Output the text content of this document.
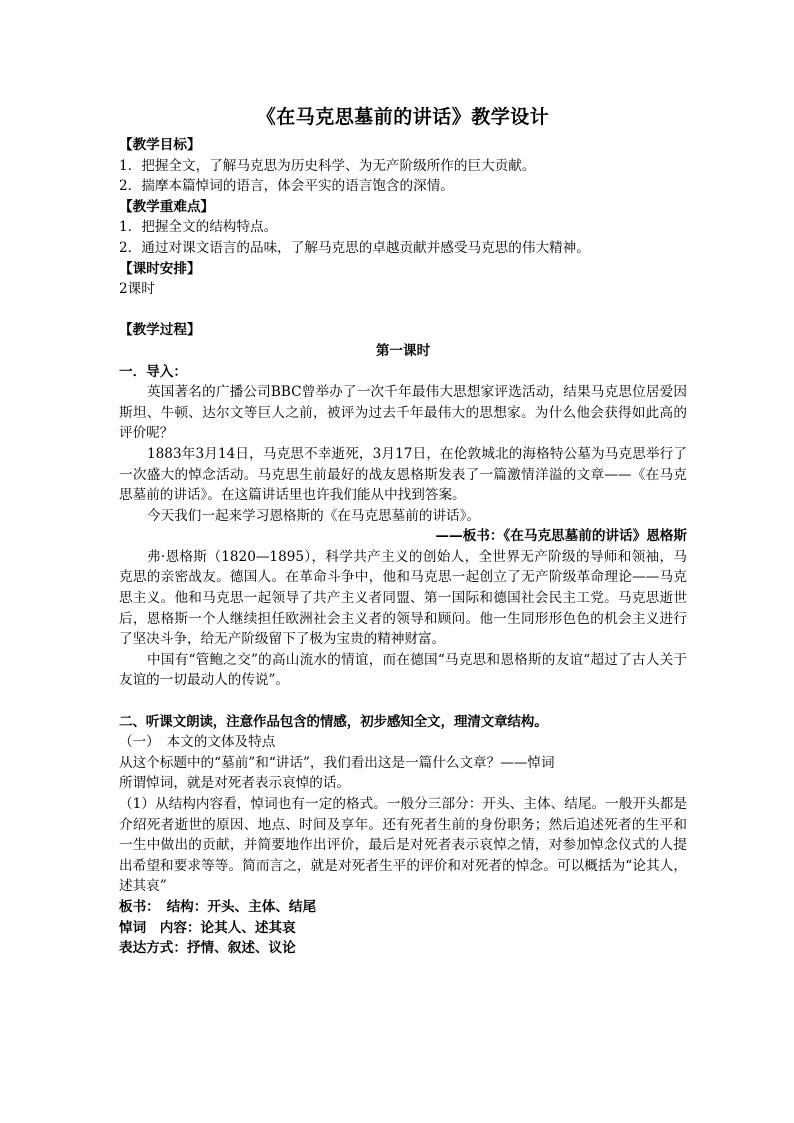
《在马克思墓前的讲话》教学设计

【教学目标】

1．把握全文，了解马克思为历史科学、为无产阶级所作的巨大贡献。

2．揣摩本篇悼词的语言，体会平实的语言饱含的深情。

【教学重难点】

1．把握全文的结构特点。

2．通过对课文语言的品味，了解马克思的卓越贡献并感受马克思的伟大精神。

【课时安排】

2课时

【教学过程】

第一课时

一．导入：

英国著名的广播公司BBC曾举办了一次千年最伟大思想家评选活动，结果马克思位居爱因斯坦、牛顿、达尔文等巨人之前，被评为过去千年最伟大的思想家。为什么他会获得如此高的评价呢？

1883年3月14日，马克思不幸逝死，3月17日，在伦敦城北的海格特公墓为马克思举行了一次盛大的悼念活动。马克思生前最好的战友恩格斯发表了一篇激情洋溢的文章——《在马克思墓前的讲话》。在这篇讲话里也许我们能从中找到答案。

今天我们一起来学习恩格斯的《在马克思墓前的讲话》。

——板书：《在马克思墓前的讲话》恩格斯

弗·恩格斯（1820—1895），科学共产主义的创始人，全世界无产阶级的导师和领袖，马克思的亲密战友。德国人。在革命斗争中，他和马克思一起创立了无产阶级革命理论——马克思主义。他和马克思一起领导了共产主义者同盟、第一国际和德国社会民主工党。马克思逝世后，恩格斯一个人继续担任欧洲社会主义者的领导和顾问。他一生同形形色色的机会主义进行了坚决斗争，给无产阶级留下了极为宝贵的精神财富。

中国有“管鲍之交”的高山流水的情谊，而在德国“马克思和恩格斯的友谊“超过了古人关于友谊的一切最动人的传说”。

二、听课文朗读，注意作品包含的情感，初步感知全文，理清文章结构。

（一）　本文的文体及特点

从这个标题中的“墓前”和“讲话”，我们看出这是一篇什么文章？——悼词

所谓悼词，就是对死者表示哀悼的话。

（1）从结构内容看，悼词也有一定的格式。一般分三部分：开头、主体、结尾。一般开头都是介绍死者逝世的原因、地点、时间及享年。还有死者生前的身份职务；然后追述死者的生平和一生中做出的贡献，并简要地作出评价，最后是对死者表示哀悼之情，对参加悼念仪式的人提出希望和要求等等。简而言之，就是对死者生平的评价和对死者的悼念。可以概括为“论其人，述其哀”

板书：　结构：开头、主体、结尾

悼词　内容：论其人、述其哀

表达方式：抒情、叙述、议论
